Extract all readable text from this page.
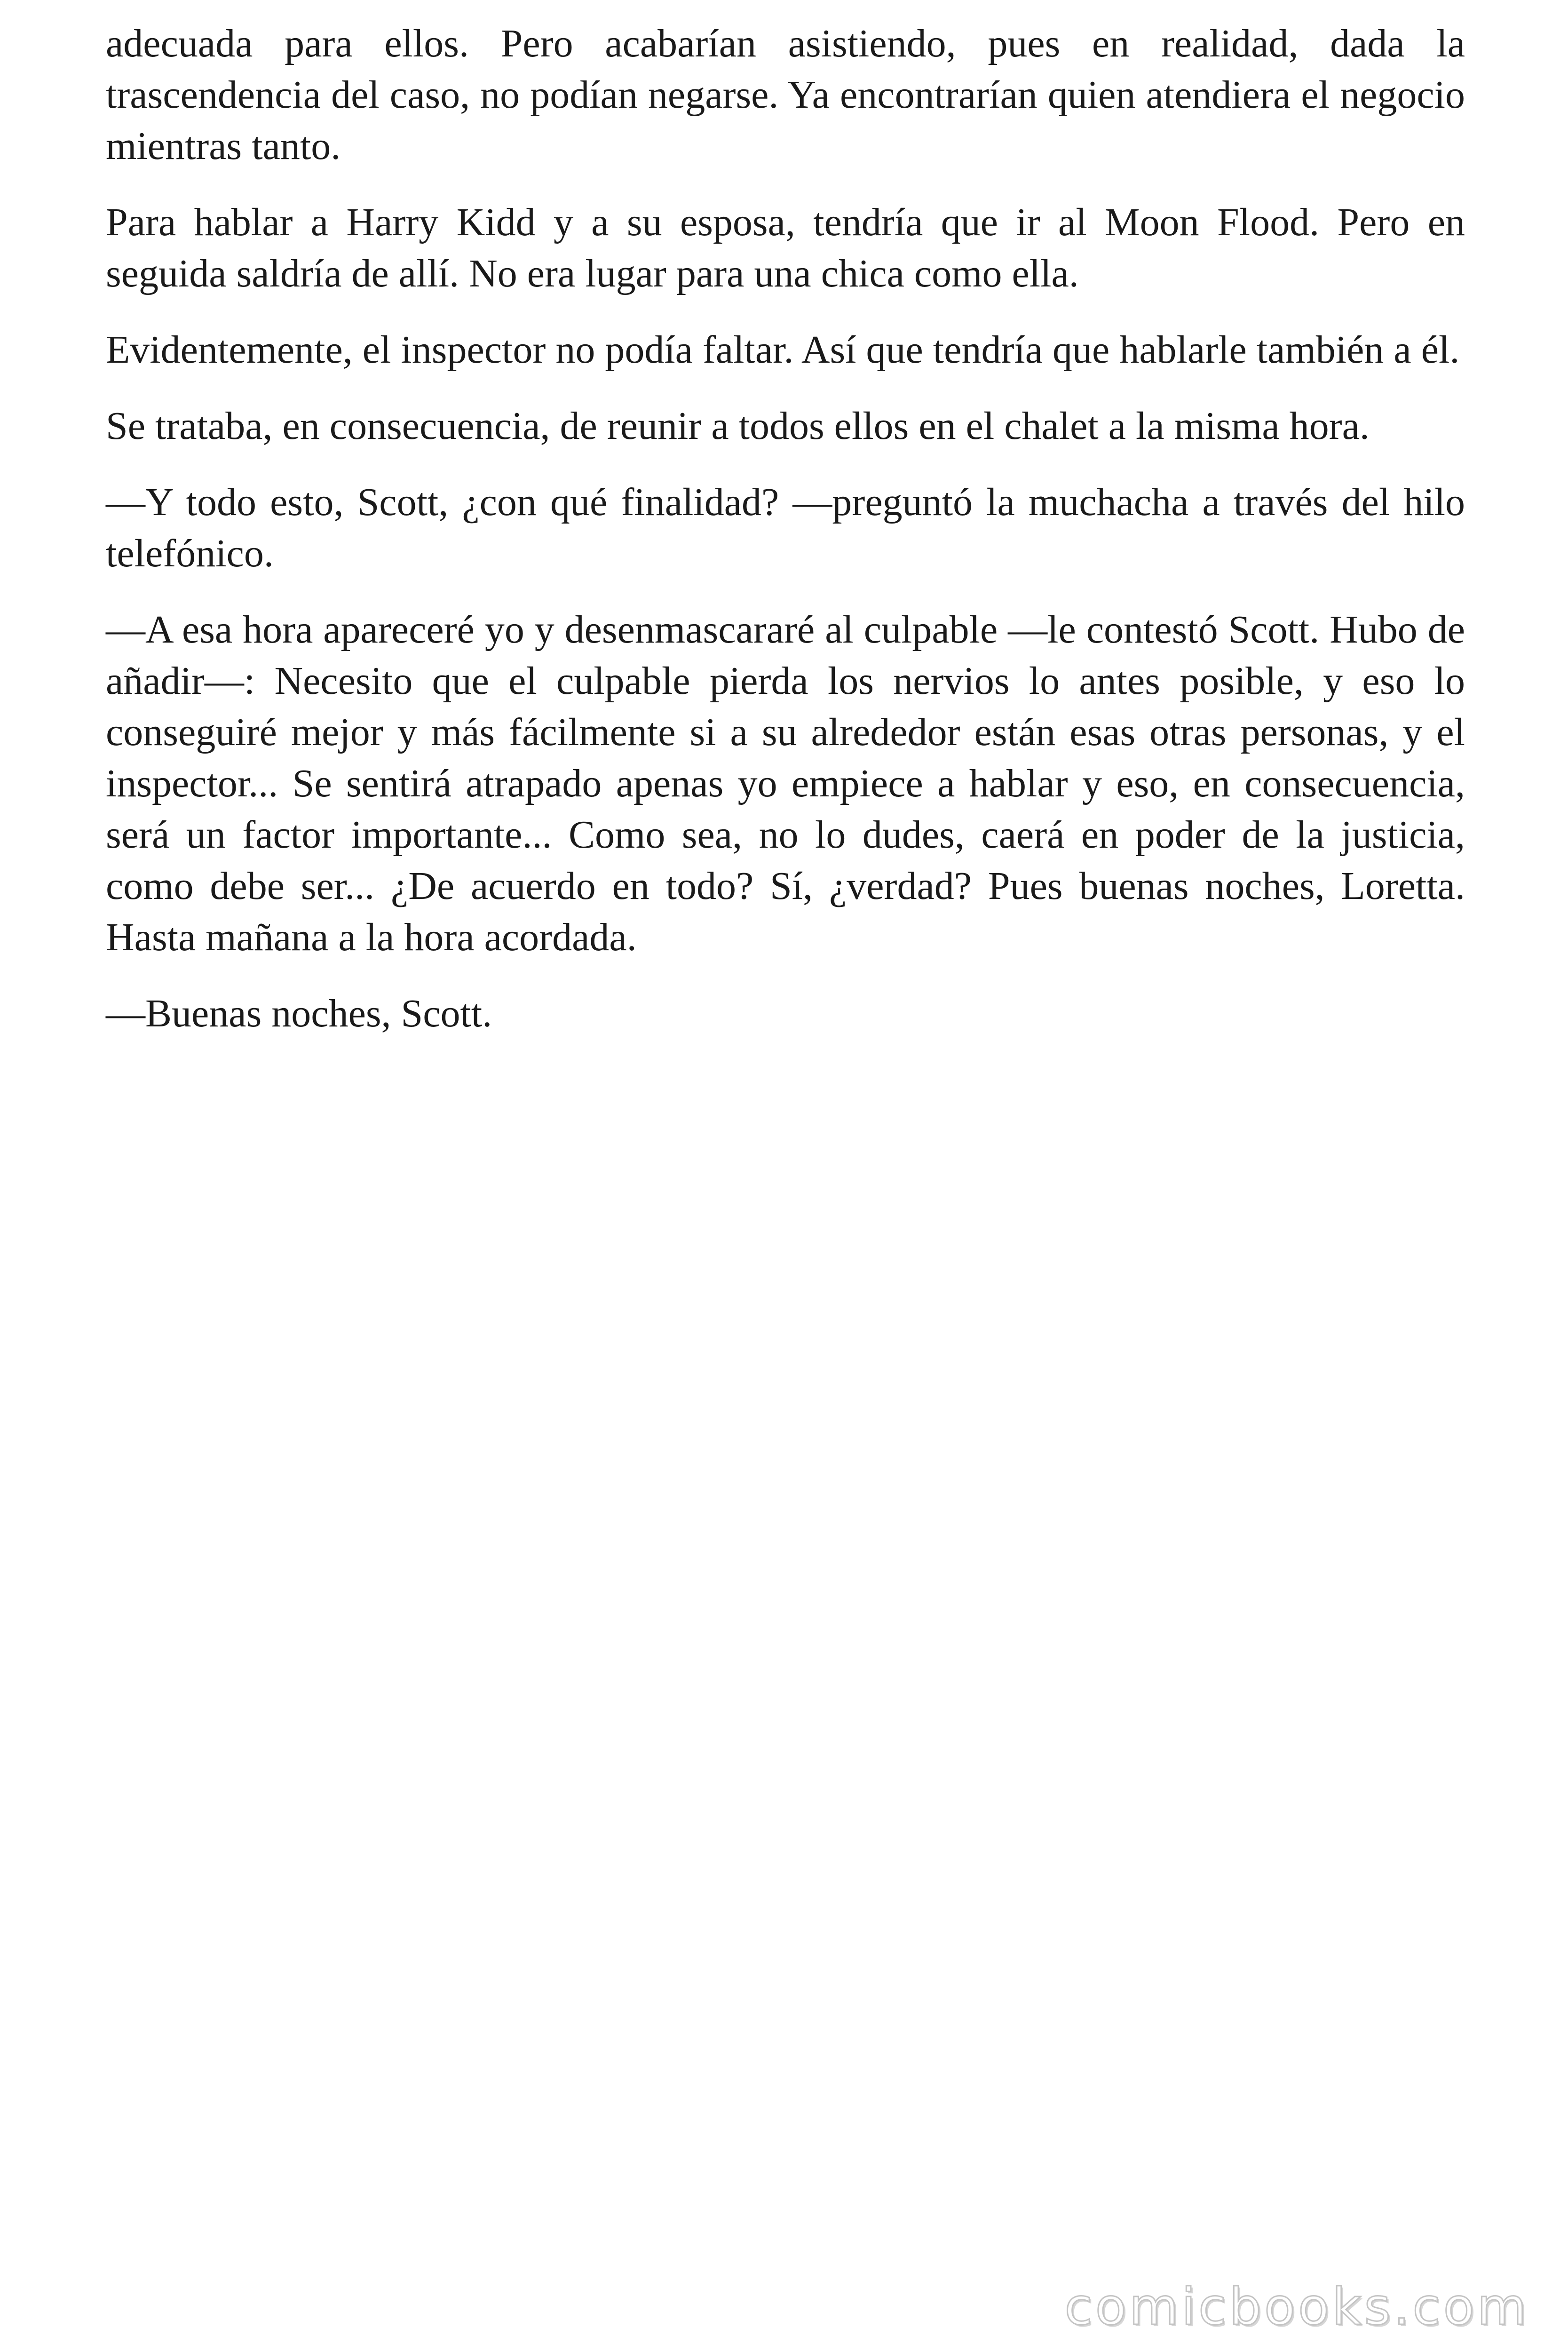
adecuada para ellos. Pero acabarían asistiendo, pues en realidad, dada la trascendencia del caso, no podían negarse. Ya encontrarían quien atendiera el negocio mientras tanto.

Para hablar a Harry Kidd y a su esposa, tendría que ir al Moon Flood. Pero en seguida saldría de allí. No era lugar para una chica como ella.

Evidentemente, el inspector no podía faltar. Así que tendría que hablarle también a él.

Se trataba, en consecuencia, de reunir a todos ellos en el chalet a la misma hora.

—Y todo esto, Scott, ¿con qué finalidad? —preguntó la muchacha a través del hilo telefónico.

—A esa hora apareceré yo y desenmascararé al culpable —le contestó Scott. Hubo de añadir—: Necesito que el culpable pierda los nervios lo antes posible, y eso lo conseguiré mejor y más fácilmente si a su alrededor están esas otras personas, y el inspector... Se sentirá atrapado apenas yo empiece a hablar y eso, en consecuencia, será un factor importante... Como sea, no lo dudes, caerá en poder de la justicia, como debe ser... ¿De acuerdo en todo? Sí, ¿verdad? Pues buenas noches, Loretta. Hasta mañana a la hora acordada.

—Buenas noches, Scott.

comicbooks.com
